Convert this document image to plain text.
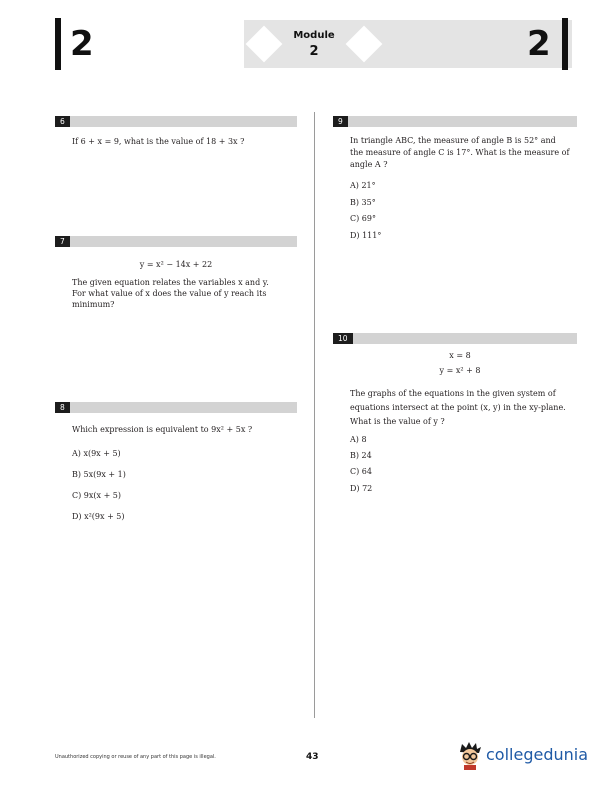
2	Module
2	2
6
If 6 + x = 9, what is the value of 18 + 3x ?
7
y = x² − 14x + 22
The given equation relates the variables x and y.
For what value of x does the value of y reach its
minimum?
8
Which expression is equivalent to 9x² + 5x ?
A) x(9x + 5)
B) 5x(9x + 1)
C) 9x(x + 5)
D) x²(9x + 5)
9
In triangle ABC, the measure of angle B is 52° and
the measure of angle C is 17°. What is the measure of
angle A ?
A) 21°
B) 35°
C) 69°
D) 111°
10
x = 8
y = x² + 8
The graphs of the equations in the given system of
equations intersect at the point (x, y) in the xy-plane.
What is the value of y ?
A) 8
B) 24
C) 64
D) 72
Unauthorized copying or reuse of any part of this page is illegal.	43	collegedunia
